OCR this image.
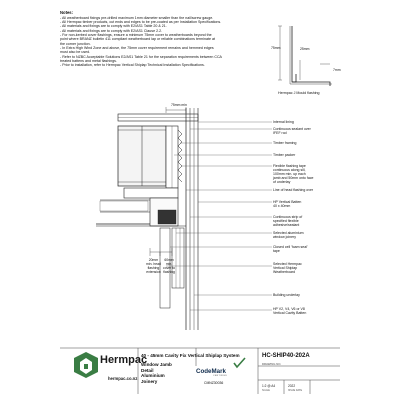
Notes:
- All weatherboard fixings pre-drilled maximum 1mm diameter smaller than the nail/screw gauge.
- All Hermpac timber products, cut ends and edges to be pre-coated as per Installation Specifications.
- All materials and fixings are to comply with E2/AS1 Table 20 & 21.
- All materials and fixings are to comply with E2/AS1 Clause 2.2.
- For non-kerbed cover flashings, ensure a minimum 75mm cover to weatherboards beyond the
point where BRANZ bulletin 411 compliant weatherboard lap or reliable combinations terminate at
the corner junction.
- In Extra High Wind Zone and above, the 75mm cover requirement remains and hemmed edges
must also be used.
- Refer to NZBC Acceptable Solutions E2/AS1 Table 21 for the separation requirements between CCA
treated battens and metal flashings.
- Prior to installation, refer to Hermpac Vertical Shiplap Technical Installation Specifications.
75mm	25mm
7mm
Hermpac J Mould flashing
75mm min
20mm
min. head
flashing
extension
60mm
min.
cover to
flashing
Internal lining
Continuous sealant over
IFEF rod
Timber framing
Timber packer
Flexible flashing tape
continuous along sill,
100mm min. up each
jamb and 50mm onto face
of underlay
Line of head flashing over
HP Vertical Batten
40 x 40mm
Continuous strip of
specified flexible
adhesive/sealant
Selected aluminium
window joinery
Closed cell 'foam seal'
tape
Selected Hermpac
Vertical Shiplap
Weatherboard
Building underlay
HP V2, V4, V6 or V8
Vertical Cavity Batten
Hermpac
hermpac.co.nz
40 - 45mm Cavity Fix Vertical Shiplap System
Window Jamb
Detail
Aluminium
Joinery
CodeMark
CERTIFIED
CMNZ30036
HC-SHIP40-202A
DRAWING NO.
1:2 @ A4
SCALE
2022
ISSUE DATE
